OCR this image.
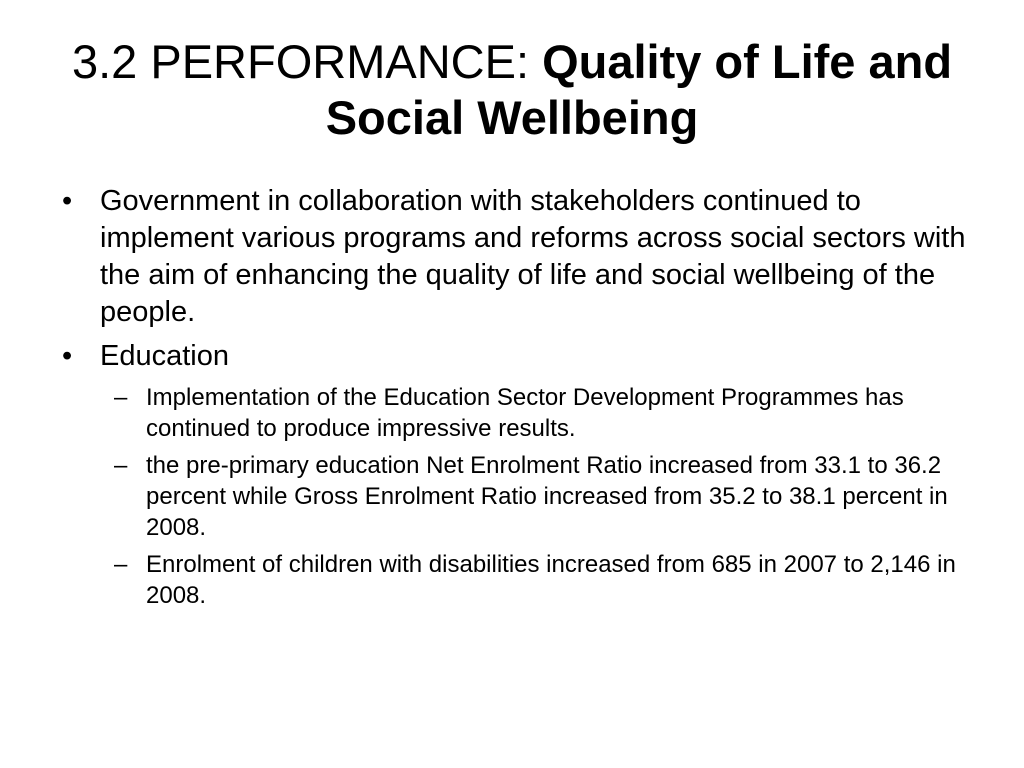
3.2 PERFORMANCE: Quality of Life and Social Wellbeing
• Government in collaboration with stakeholders continued to implement various programs and reforms across social sectors with the aim of enhancing the quality of life and social wellbeing of the people.
• Education
– Implementation of the Education Sector Development Programmes has continued to produce impressive results.
– the pre-primary education Net Enrolment Ratio increased from 33.1 to 36.2 percent while Gross Enrolment Ratio increased from 35.2 to 38.1 percent in 2008.
– Enrolment of children with disabilities increased from 685 in 2007 to 2,146 in 2008.
